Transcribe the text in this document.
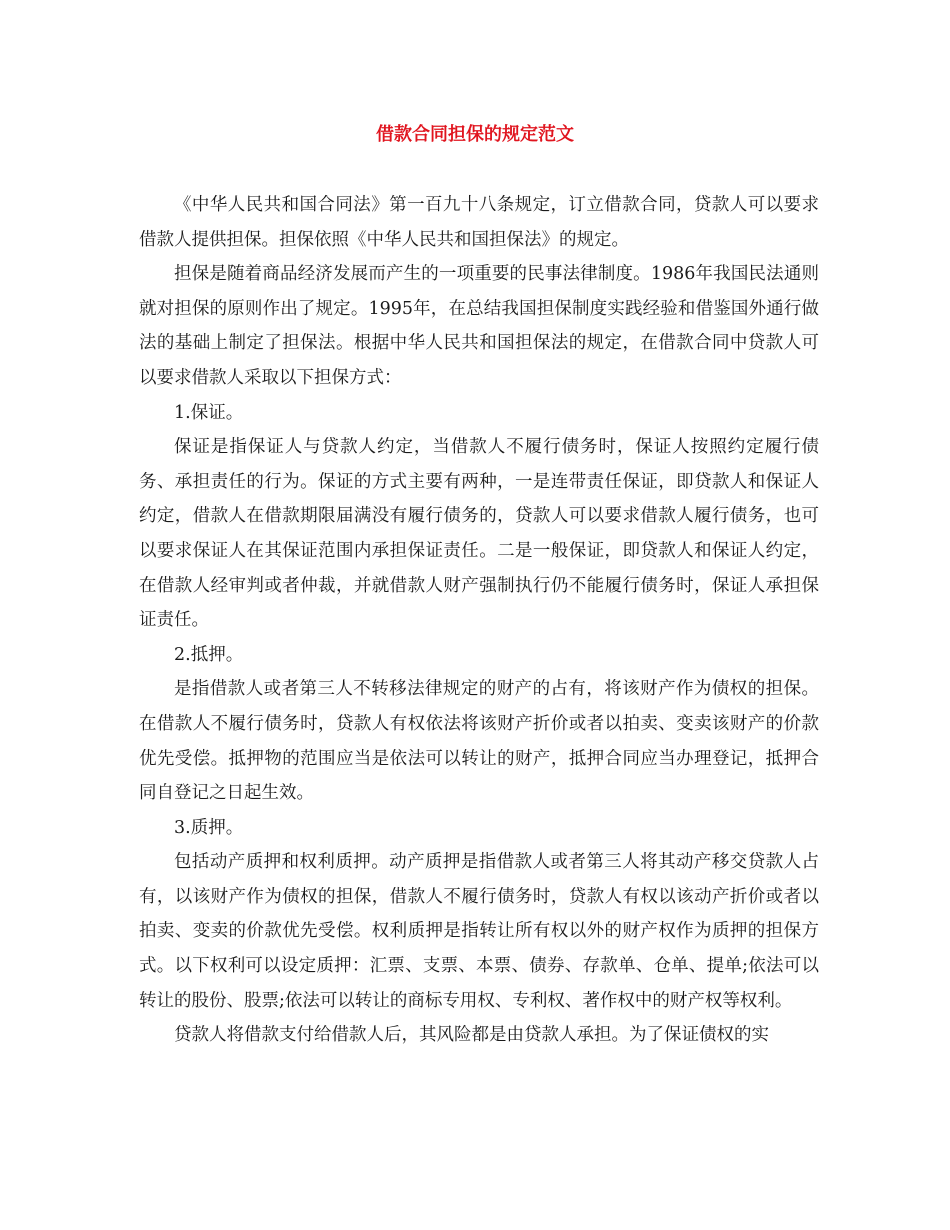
借款合同担保的规定范文

《中华人民共和国合同法》第一百九十八条规定，订立借款合同，贷款人可以要求借款人提供担保。担保依照《中华人民共和国担保法》的规定。

担保是随着商品经济发展而产生的一项重要的民事法律制度。1986年我国民法通则就对担保的原则作出了规定。1995年，在总结我国担保制度实践经验和借鉴国外通行做法的基础上制定了担保法。根据中华人民共和国担保法的规定，在借款合同中贷款人可以要求借款人采取以下担保方式：

1.保证。

保证是指保证人与贷款人约定，当借款人不履行债务时，保证人按照约定履行债务、承担责任的行为。保证的方式主要有两种，一是连带责任保证，即贷款人和保证人约定，借款人在借款期限届满没有履行债务的，贷款人可以要求借款人履行债务，也可以要求保证人在其保证范围内承担保证责任。二是一般保证，即贷款人和保证人约定，在借款人经审判或者仲裁，并就借款人财产强制执行仍不能履行债务时，保证人承担保证责任。

2.抵押。

是指借款人或者第三人不转移法律规定的财产的占有，将该财产作为债权的担保。在借款人不履行债务时，贷款人有权依法将该财产折价或者以拍卖、变卖该财产的价款优先受偿。抵押物的范围应当是依法可以转让的财产，抵押合同应当办理登记，抵押合同自登记之日起生效。

3.质押。

包括动产质押和权利质押。动产质押是指借款人或者第三人将其动产移交贷款人占有，以该财产作为债权的担保，借款人不履行债务时，贷款人有权以该动产折价或者以拍卖、变卖的价款优先受偿。权利质押是指转让所有权以外的财产权作为质押的担保方式。以下权利可以设定质押：汇票、支票、本票、债券、存款单、仓单、提单;依法可以转让的股份、股票;依法可以转让的商标专用权、专利权、著作权中的财产权等权利。

贷款人将借款支付给借款人后，其风险都是由贷款人承担。为了保证债权的实
